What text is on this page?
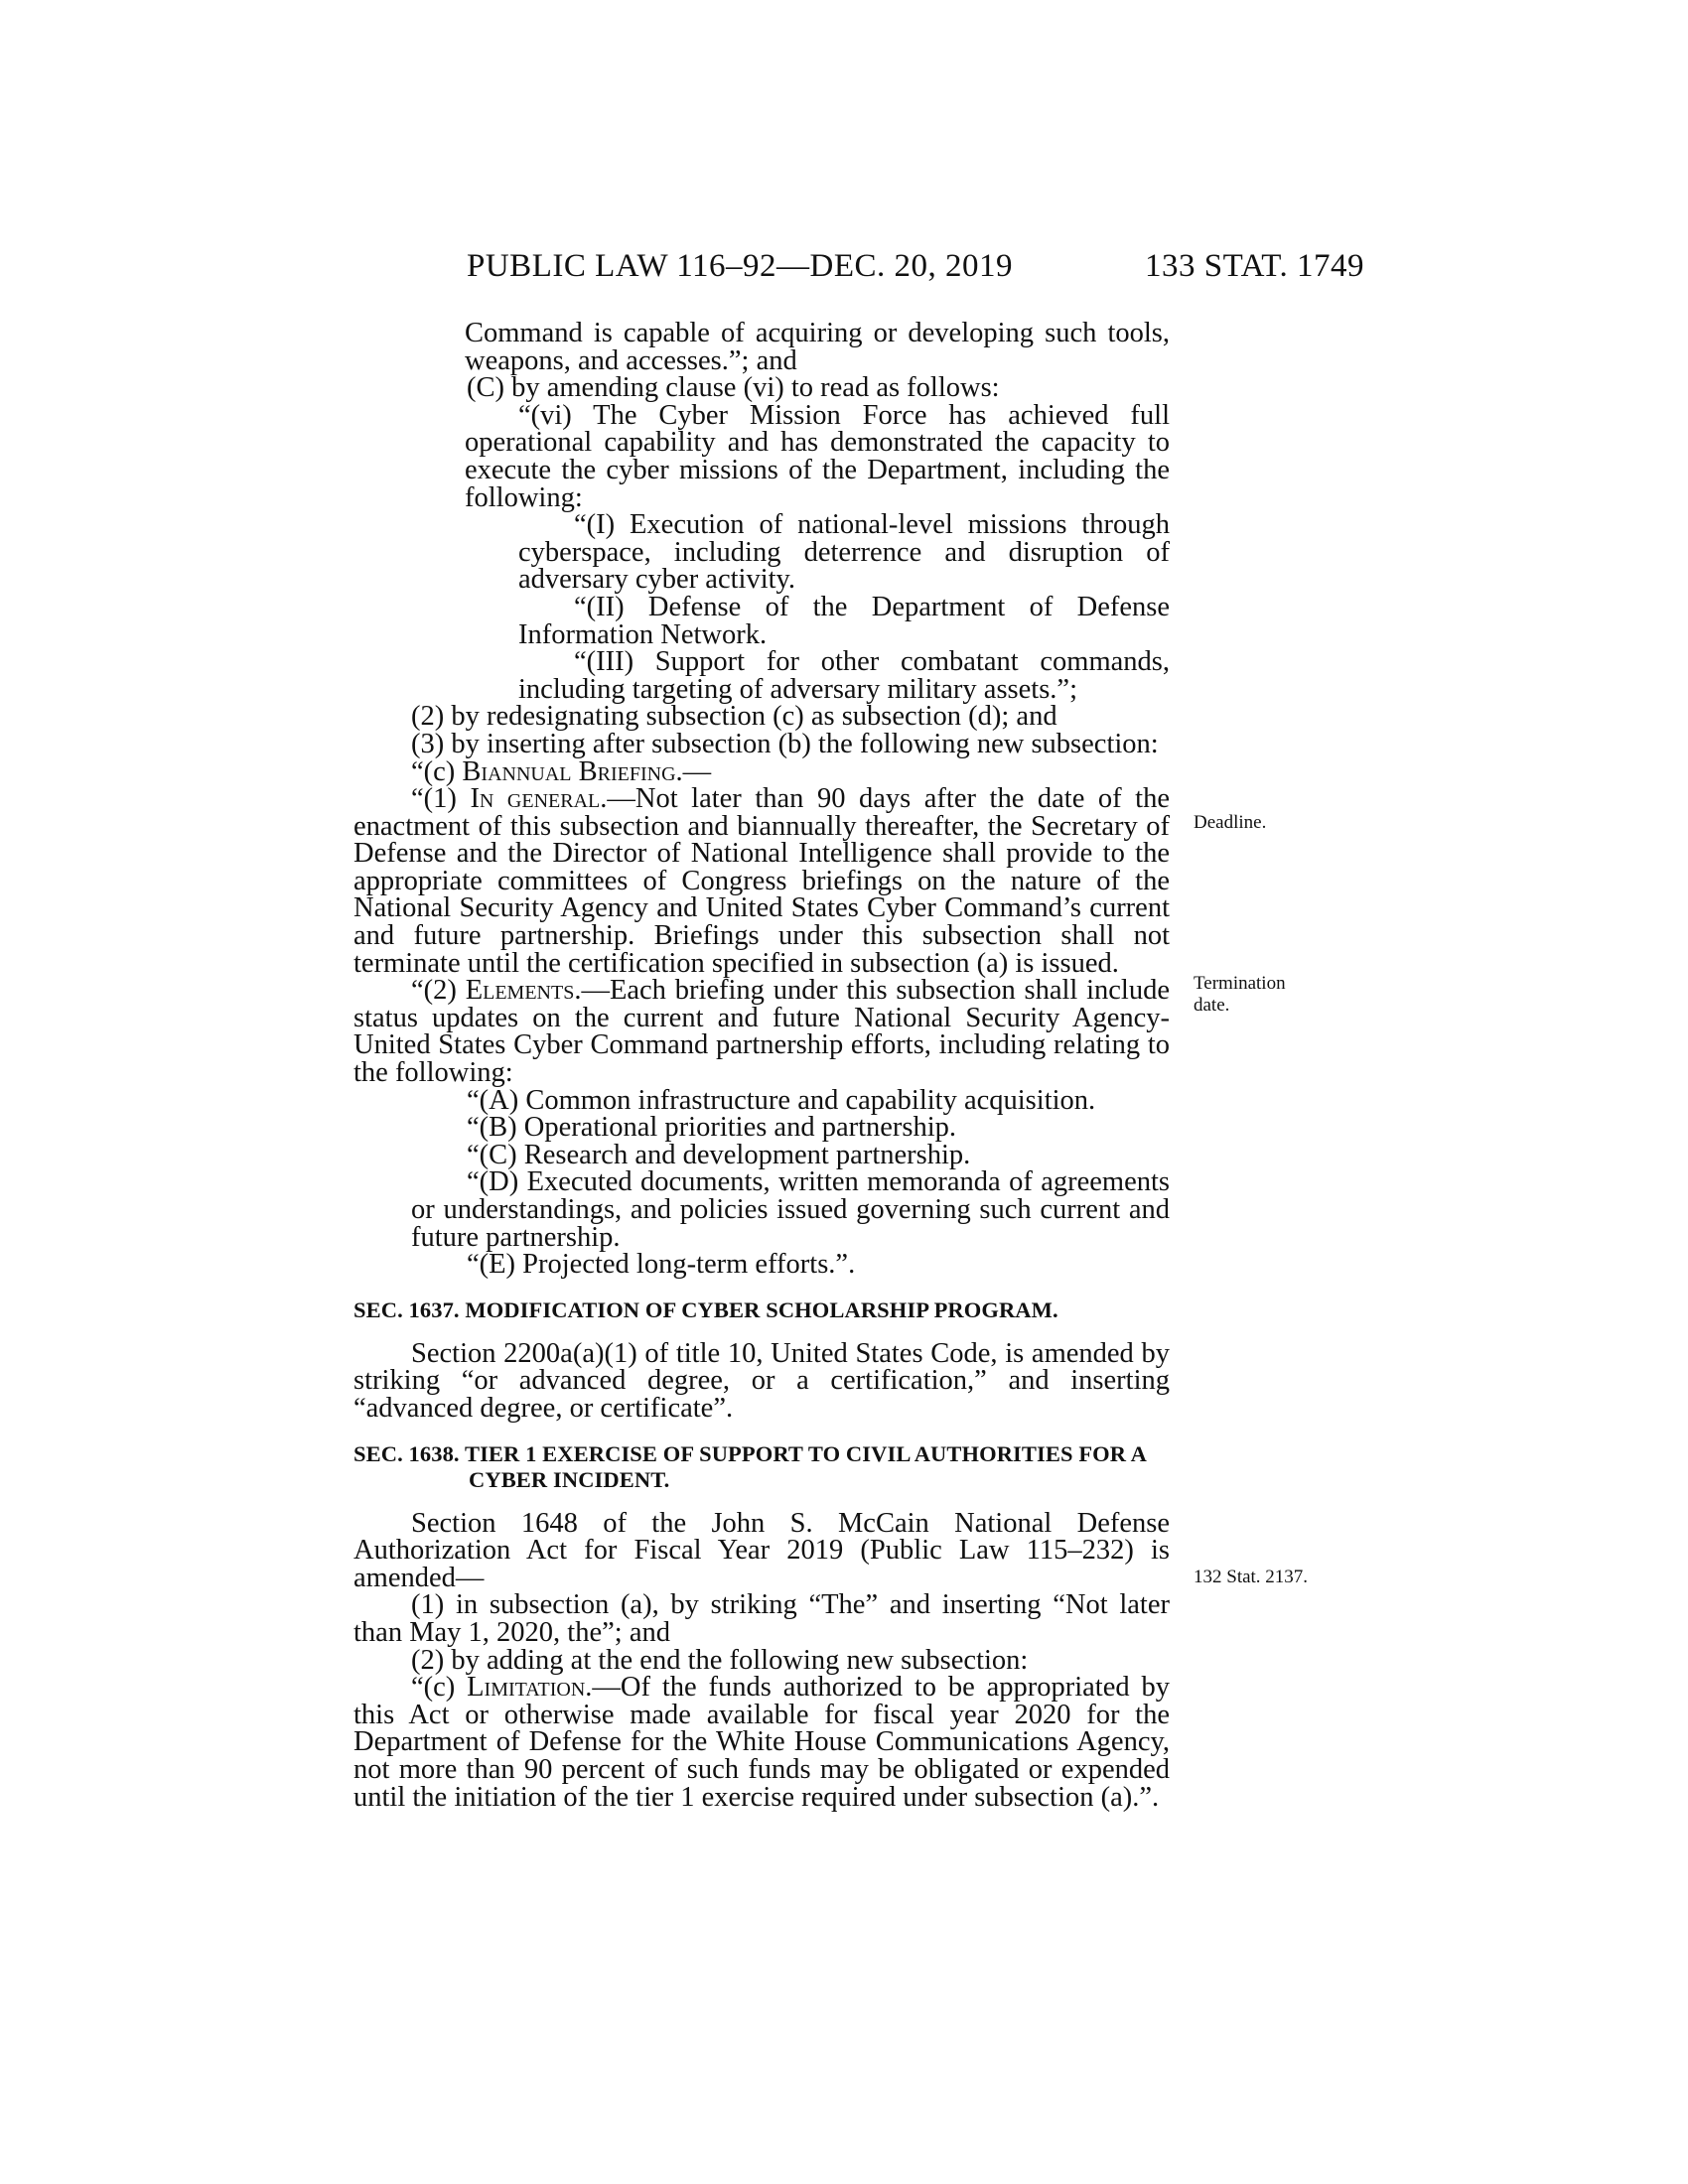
PUBLIC LAW 116–92—DEC. 20, 2019	133 STAT. 1749

Command is capable of acquiring or developing such tools, weapons, and accesses.”; and

(C) by amending clause (vi) to read as follows:

“(vi) The Cyber Mission Force has achieved full operational capability and has demonstrated the capacity to execute the cyber missions of the Department, including the following:

“(I) Execution of national-level missions through cyberspace, including deterrence and disruption of adversary cyber activity.

“(II) Defense of the Department of Defense Information Network.

“(III) Support for other combatant commands, including targeting of adversary military assets.”;

(2) by redesignating subsection (c) as subsection (d); and

(3) by inserting after subsection (b) the following new subsection:

“(c) Biannual Briefing.—

“(1) In general.—Not later than 90 days after the date of the enactment of this subsection and biannually thereafter, the Secretary of Defense and the Director of National Intelligence shall provide to the appropriate committees of Congress briefings on the nature of the National Security Agency and United States Cyber Command’s current and future partnership. Briefings under this subsection shall not terminate until the certification specified in subsection (a) is issued.

“(2) Elements.—Each briefing under this subsection shall include status updates on the current and future National Security Agency-United States Cyber Command partnership efforts, including relating to the following:

“(A) Common infrastructure and capability acquisition.

“(B) Operational priorities and partnership.

“(C) Research and development partnership.

“(D) Executed documents, written memoranda of agreements or understandings, and policies issued governing such current and future partnership.

“(E) Projected long-term efforts.”.

SEC. 1637. MODIFICATION OF CYBER SCHOLARSHIP PROGRAM.

Section 2200a(a)(1) of title 10, United States Code, is amended by striking “or advanced degree, or a certification,” and inserting “advanced degree, or certificate”.

SEC. 1638. TIER 1 EXERCISE OF SUPPORT TO CIVIL AUTHORITIES FOR A CYBER INCIDENT.

Section 1648 of the John S. McCain National Defense Authorization Act for Fiscal Year 2019 (Public Law 115–232) is amended—

(1) in subsection (a), by striking “The” and inserting “Not later than May 1, 2020, the”; and

(2) by adding at the end the following new subsection:

“(c) Limitation.—Of the funds authorized to be appropriated by this Act or otherwise made available for fiscal year 2020 for the Department of Defense for the White House Communications Agency, not more than 90 percent of such funds may be obligated or expended until the initiation of the tier 1 exercise required under subsection (a).”.

Deadline.
Termination
date.
132 Stat. 2137.
